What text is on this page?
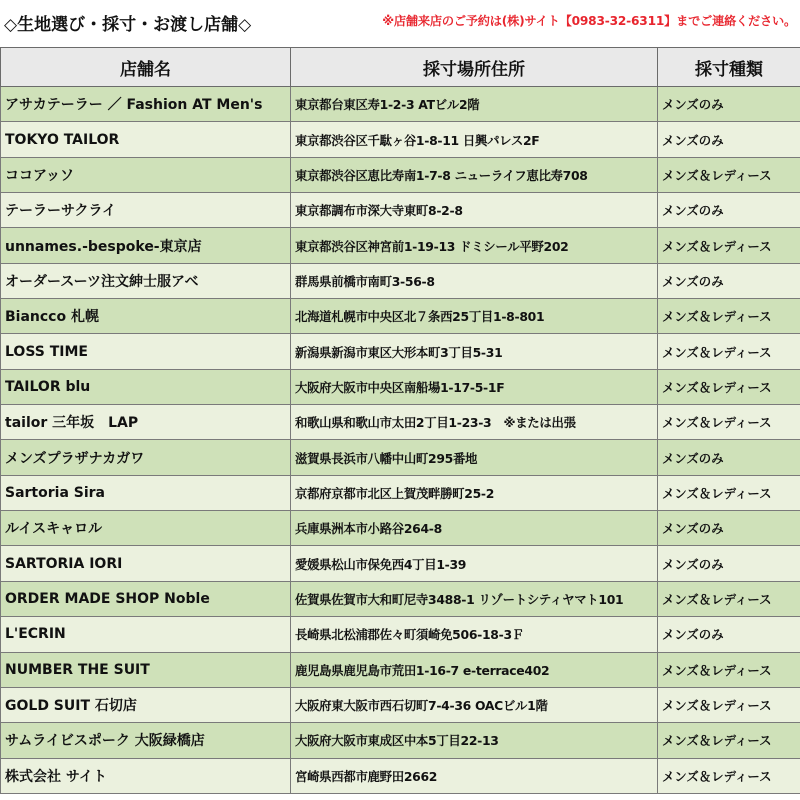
◇生地選び・採寸・お渡し店舗◇	※店舗来店のご予約は(株)サイト【0983-32-6311】までご連絡ください。
店舗名	採寸場所住所	採寸種類
アサカテーラー ／ Fashion AT Men's	東京都台東区寿1-2-3 ATビル2階	メンズのみ
TOKYO TAILOR	東京都渋谷区千駄ヶ谷1-8-11 日興パレス2F	メンズのみ
ココアッソ	東京都渋谷区恵比寿南1-7-8 ニューライフ恵比寿708	メンズ＆レディース
テーラーサクライ	東京都調布市深大寺東町8-2-8	メンズのみ
unnames.-bespoke-東京店	東京都渋谷区神宮前1-19-13 ドミシール平野202	メンズ＆レディース
オーダースーツ注文紳士服アベ	群馬県前橋市南町3-56-8	メンズのみ
Biancco 札幌	北海道札幌市中央区北７条西25丁目1-8-801	メンズ＆レディース
LOSS TIME	新潟県新潟市東区大形本町3丁目5-31	メンズ＆レディース
TAILOR blu	大阪府大阪市中央区南船場1-17-5-1F	メンズ＆レディース
tailor 三年坂　LAP	和歌山県和歌山市太田2丁目1-23-3　※または出張	メンズ＆レディース
メンズプラザナカガワ	滋賀県長浜市八幡中山町295番地	メンズのみ
Sartoria Sira	京都府京都市北区上賀茂畔勝町25-2	メンズ＆レディース
ルイスキャロル	兵庫県洲本市小路谷264-8	メンズのみ
SARTORIA IORI	愛媛県松山市保免西4丁目1-39	メンズのみ
ORDER MADE SHOP Noble	佐賀県佐賀市大和町尼寺3488-1 リゾートシティヤマト101	メンズ＆レディース
L'ECRIN	長崎県北松浦郡佐々町須崎免506-18-3Ｆ	メンズのみ
NUMBER THE SUIT	鹿児島県鹿児島市荒田1-16-7 e-terrace402	メンズ＆レディース
GOLD SUIT 石切店	大阪府東大阪市西石切町7-4-36 OACビル1階	メンズ＆レディース
サムライビスポーク 大阪緑橋店	大阪府大阪市東成区中本5丁目22-13	メンズ＆レディース
株式会社 サイト	宮崎県西都市鹿野田2662	メンズ＆レディース
